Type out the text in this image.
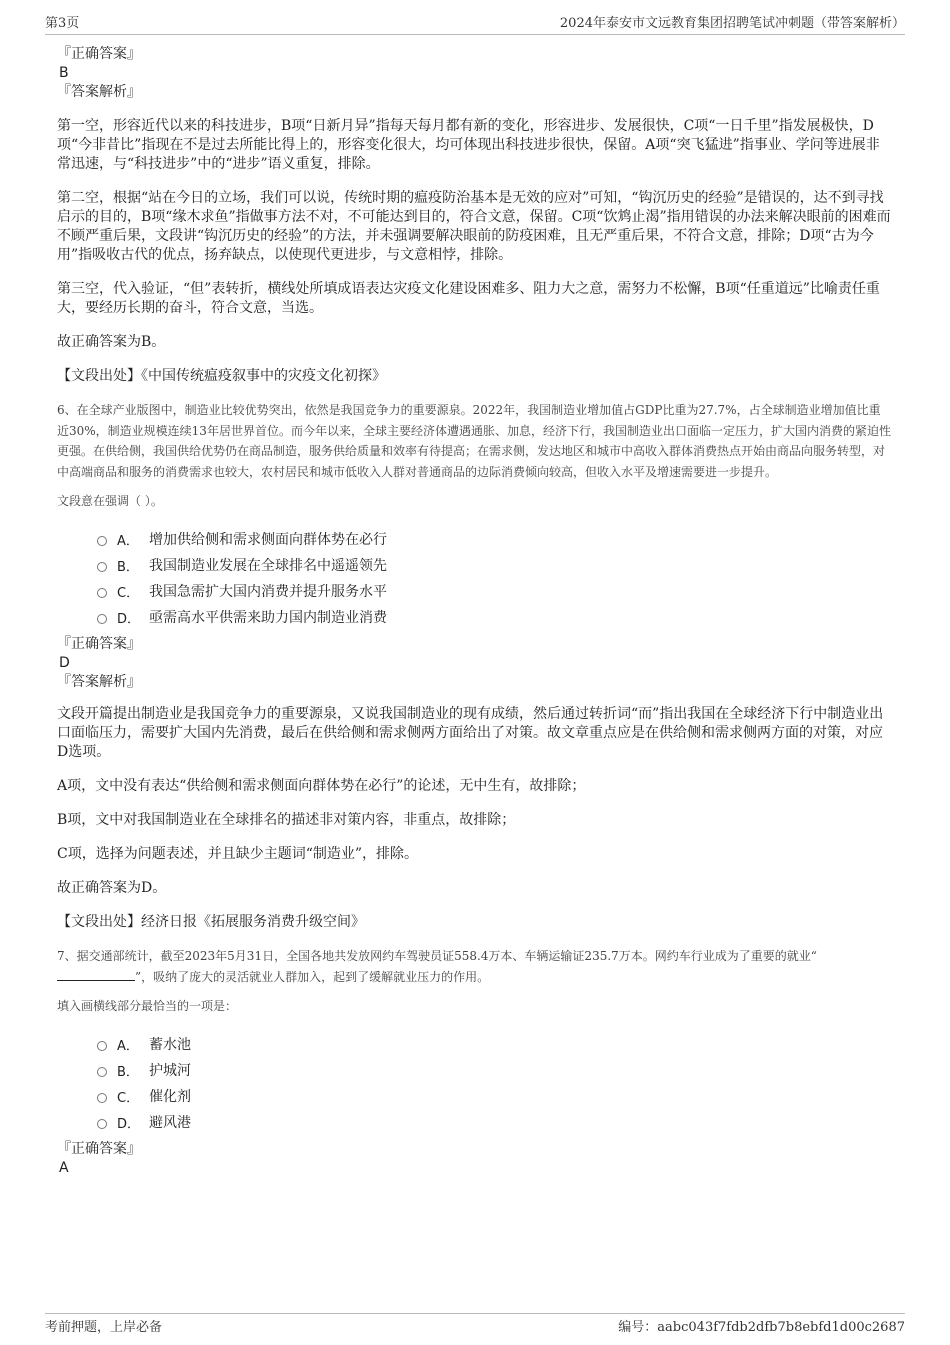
第3页	2024年泰安市文远教育集团招聘笔试冲刺题（带答案解析）
『正确答案』
B
『答案解析』

第一空，形容近代以来的科技进步，B项“日新月异”指每天每月都有新的变化，形容进步、发展很快，C项“一日千里”指发展极快，D项“今非昔比”指现在不是过去所能比得上的，形容变化很大，均可体现出科技进步很快，保留。A项“突飞猛进”指事业、学问等进展非常迅速，与“科技进步”中的“进步”语义重复，排除。

第二空，根据“站在今日的立场，我们可以说，传统时期的瘟疫防治基本是无效的应对”可知，“钩沉历史的经验”是错误的，达不到寻找启示的目的，B项“缘木求鱼”指做事方法不对，不可能达到目的，符合文意，保留。C项“饮鸩止渴”指用错误的办法来解决眼前的困难而不顾严重后果，文段讲“钩沉历史的经验”的方法，并未强调要解决眼前的防疫困难，且无严重后果，不符合文意，排除；D项“古为今用”指吸收古代的优点，扬弃缺点，以使现代更进步，与文意相悖，排除。

第三空，代入验证，“但”表转折，横线处所填成语表达灾疫文化建设困难多、阻力大之意，需努力不松懈，B项“任重道远”比喻责任重大，要经历长期的奋斗，符合文意，当选。

故正确答案为B。

【文段出处】《中国传统瘟疫叙事中的灾疫文化初探》

6、在全球产业版图中，制造业比较优势突出，依然是我国竞争力的重要源泉。2022年，我国制造业增加值占GDP比重为27.7%，占全球制造业增加值比重近30%，制造业规模连续13年居世界首位。而今年以来，全球主要经济体遭遇通胀、加息，经济下行，我国制造业出口面临一定压力，扩大国内消费的紧迫性更强。在供给侧，我国供给优势仍在商品制造，服务供给质量和效率有待提高；在需求侧，发达地区和城市中高收入群体消费热点开始由商品向服务转型，对中高端商品和服务的消费需求也较大，农村居民和城市低收入人群对普通商品的边际消费倾向较高，但收入水平及增速需要进一步提升。

文段意在强调（ ）。
A． 增加供给侧和需求侧面向群体势在必行
B． 我国制造业发展在全球排名中遥遥领先
C． 我国急需扩大国内消费并提升服务水平
D． 亟需高水平供需来助力国内制造业消费
『正确答案』
D
『答案解析』

文段开篇提出制造业是我国竞争力的重要源泉，又说我国制造业的现有成绩，然后通过转折词“而”指出我国在全球经济下行中制造业出口面临压力，需要扩大国内先消费，最后在供给侧和需求侧两方面给出了对策。故文章重点应是在供给侧和需求侧两方面的对策，对应D选项。

A项，文中没有表达“供给侧和需求侧面向群体势在必行”的论述，无中生有，故排除；

B项，文中对我国制造业在全球排名的描述非对策内容，非重点，故排除；

C项，选择为问题表述，并且缺少主题词“制造业”，排除。

故正确答案为D。

【文段出处】经济日报《拓展服务消费升级空间》

7、据交通部统计，截至2023年5月31日，全国各地共发放网约车驾驶员证558.4万本、车辆运输证235.7万本。网约车行业成为了重要的就业“”，吸纳了庞大的灵活就业人群加入，起到了缓解就业压力的作用。

填入画横线部分最恰当的一项是：
A． 蓄水池
B． 护城河
C． 催化剂
D． 避风港
『正确答案』
A
考前押题，上岸必备	编号：aabc043f7fdb2dfb7b8ebfd1d00c2687
